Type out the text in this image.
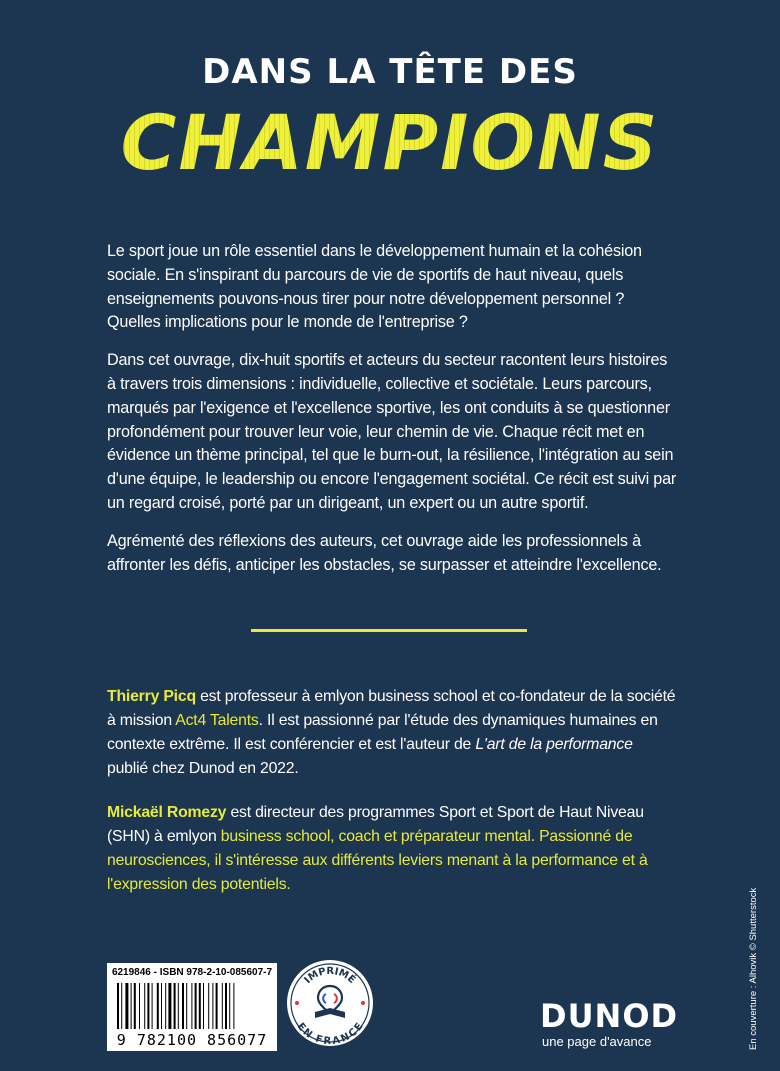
DANS LA TÊTE DES
CHAMPIONS

Le sport joue un rôle essentiel dans le développement humain et la cohésion sociale. En s'inspirant du parcours de vie de sportifs de haut niveau, quels enseignements pouvons-nous tirer pour notre développement personnel ? Quelles implications pour le monde de l'entreprise ?

Dans cet ouvrage, dix-huit sportifs et acteurs du secteur racontent leurs histoires à travers trois dimensions : individuelle, collective et sociétale. Leurs parcours, marqués par l'exigence et l'excellence sportive, les ont conduits à se questionner profondément pour trouver leur voie, leur chemin de vie. Chaque récit met en évidence un thème principal, tel que le burn-out, la résilience, l'intégration au sein d'une équipe, le leadership ou encore l'engagement sociétal. Ce récit est suivi par un regard croisé, porté par un dirigeant, un expert ou un autre sportif.

Agrémenté des réflexions des auteurs, cet ouvrage aide les professionnels à affronter les défis, anticiper les obstacles, se surpasser et atteindre l'excellence.

Thierry Picq est professeur à emlyon business school et co-fondateur de la société à mission Act4 Talents. Il est passionné par l'étude des dynamiques humaines en contexte extrême. Il est conférencier et est l'auteur de L'art de la performance publié chez Dunod en 2022.

Mickaël Romezy est directeur des programmes Sport et Sport de Haut Niveau (SHN) à emlyon business school, coach et préparateur mental. Passionné de neurosciences, il s'intéresse aux différents leviers menant à la performance et à l'expression des potentiels.

6219846 - ISBN 978-2-10-085607-7
9 782100 856077
IMPRIMÉ
EN FRANCE	DUNOD
une page d'avance	En couverture : Alhovik © Shutterstock
